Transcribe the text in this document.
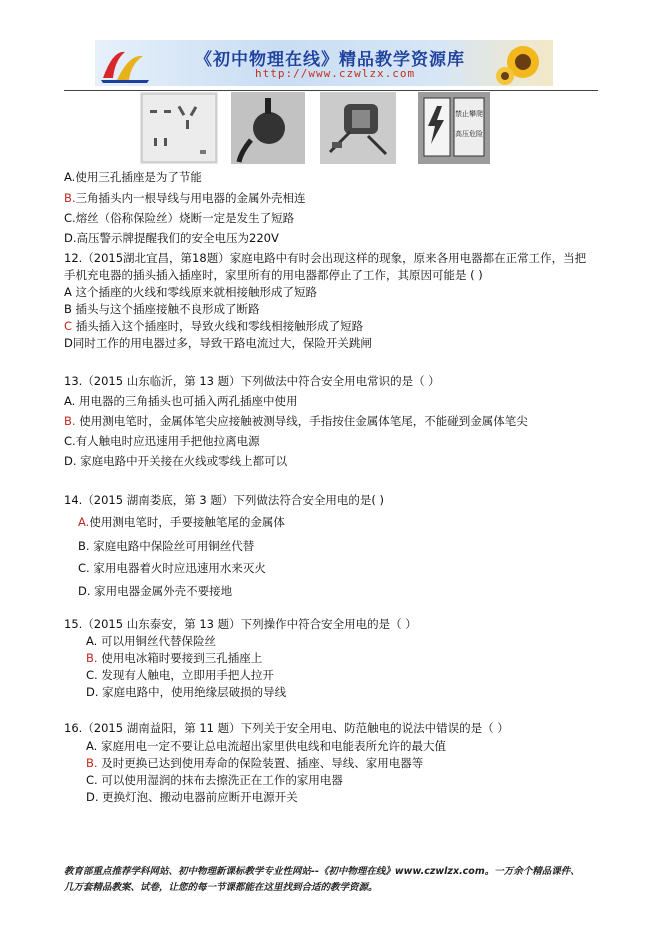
《初中物理在线》精品教学资源库
http://www.czwlzx.com
禁止攀爬
高压危险
A.使用三孔插座是为了节能
B.三角插头内一根导线与用电器的金属外壳相连
C.熔丝（俗称保险丝）烧断一定是发生了短路
D.高压警示牌提醒我们的安全电压为220V
12.（2015湖北宜昌，第18题）家庭电路中有时会出现这样的现象，原来各用电器都在正常工作，当把
手机充电器的插头插入插座时，家里所有的用电器都停止了工作，其原因可能是 ( )
A 这个插座的火线和零线原来就相接触形成了短路
B 插头与这个插座接触不良形成了断路
C 插头插入这个插座时，导致火线和零线相接触形成了短路
D同时工作的用电器过多，导致干路电流过大，保险开关跳闸
13.（2015 山东临沂，第 13 题）下列做法中符合安全用电常识的是（ ）
A. 用电器的三角插头也可插入两孔插座中使用
B. 使用测电笔时，金属体笔尖应接触被测导线，手指按住金属体笔尾，不能碰到金属体笔尖
C.有人触电时应迅速用手把他拉离电源
D. 家庭电路中开关接在火线或零线上都可以
14.（2015 湖南娄底，第 3 题）下列做法符合安全用电的是( )
A.使用测电笔时，手要接触笔尾的金属体
B. 家庭电路中保险丝可用铜丝代替
C. 家用电器着火时应迅速用水来灭火
D. 家用电器金属外壳不要接地
15.（2015 山东泰安，第 13 题）下列操作中符合安全用电的是（ ）
A. 可以用铜丝代替保险丝
B. 使用电冰箱时要接到三孔插座上
C. 发现有人触电，立即用手把人拉开
D. 家庭电路中，使用绝缘层破损的导线
16.（2015 湖南益阳，第 11 题）下列关于安全用电、防范触电的说法中错误的是（ ）
A. 家庭用电一定不要让总电流超出家里供电线和电能表所允许的最大值
B. 及时更换已达到使用寿命的保险装置、插座、导线、家用电器等
C. 可以使用湿润的抹布去擦洗正在工作的家用电器
D. 更换灯泡、搬动电器前应断开电源开关
教育部重点推荐学科网站、初中物理新课标教学专业性网站--《初中物理在线》www.czwlzx.com。一万余个精品课件、
几万套精品教案、试卷，让您的每一节课都能在这里找到合适的教学资源。
